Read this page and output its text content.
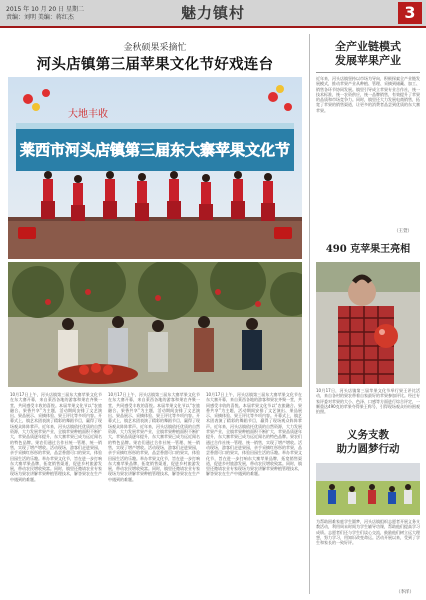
2015 年 10 月 20 日 星期二
责编：刘明 美编：蒋红杰	魅力镇村	3
金秋硕果采摘忙
河头店镇第三届苹果文化节好戏连台
大地丰收
莱西市河头店镇第三届东大寨苹果文化节
10月17日上午，河头店镇第三届东大寨苹果文化节在东大寨开幕，来自莱西各地的游客和果农齐聚一堂，共同感受丰收的喜悦。本届苹果文化节以“农旅融合、果香共享”为主题，活动期间安排了文艺演出、果品展示、采摘体验、果王评比等多项内容。开幕式上，镇艺术团表演了精彩的舞蹈节目，赢得了现场观众阵阵掌声。近年来，河头店镇依托优质的自然资源，大力发展苹果产业，全镇苹果种植面积不断扩大，苹果品质逐年提升，东大寨苹果已成为远近闻名的特色品牌。果农们通过合作社统一管理、统一销售，实现了增产增收。活动现场，游客们走进果园，亲手采摘红彤彤的苹果，品尝香甜可口的果实，体验田园生活的乐趣。举办苹果文化节，旨在进一步打响东大寨苹果品牌，拓宽销售渠道，促进乡村旅游发展，带动农民增收致富。同时，镇里还邀请农业专家现场为果农讲解苹果种植管理技术，解答果农在生产中遇到的难题。
10月17日上午，河头店镇第三届东大寨苹果文化节在东大寨开幕，来自莱西各地的游客和果农齐聚一堂，共同感受丰收的喜悦。本届苹果文化节以“农旅融合、果香共享”为主题，活动期间安排了文艺演出、果品展示、采摘体验、果王评比等多项内容。开幕式上，镇艺术团表演了精彩的舞蹈节目，赢得了现场观众阵阵掌声。近年来，河头店镇依托优质的自然资源，大力发展苹果产业，全镇苹果种植面积不断扩大，苹果品质逐年提升，东大寨苹果已成为远近闻名的特色品牌。果农们通过合作社统一管理、统一销售，实现了增产增收。活动现场，游客们走进果园，亲手采摘红彤彤的苹果，品尝香甜可口的果实，体验田园生活的乐趣。举办苹果文化节，旨在进一步打响东大寨苹果品牌，拓宽销售渠道，促进乡村旅游发展，带动农民增收致富。同时，镇里还邀请农业专家现场为果农讲解苹果种植管理技术，解答果农在生产中遇到的难题。
10月17日上午，河头店镇第三届东大寨苹果文化节在东大寨开幕，来自莱西各地的游客和果农齐聚一堂，共同感受丰收的喜悦。本届苹果文化节以“农旅融合、果香共享”为主题，活动期间安排了文艺演出、果品展示、采摘体验、果王评比等多项内容。开幕式上，镇艺术团表演了精彩的舞蹈节目，赢得了现场观众阵阵掌声。近年来，河头店镇依托优质的自然资源，大力发展苹果产业，全镇苹果种植面积不断扩大，苹果品质逐年提升，东大寨苹果已成为远近闻名的特色品牌。果农们通过合作社统一管理、统一销售，实现了增产增收。活动现场，游客们走进果园，亲手采摘红彤彤的苹果，品尝香甜可口的果实，体验田园生活的乐趣。举办苹果文化节，旨在进一步打响东大寨苹果品牌，拓宽销售渠道，促进乡村旅游发展，带动农民增收致富。同时，镇里还邀请农业专家现场为果农讲解苹果种植管理技术，解答果农在生产中遇到的难题。
全产业链模式
发展苹果产业
近年来，河头店镇坚持以市场为导向，积极探索全产业链发展模式，推动苹果产业从种植、管理、采摘到储藏、加工、销售各环节协同发展。镇里引导成立苹果专业合作社，统一技术标准，统一农资供应，统一品牌销售，有效提升了苹果的品质和市场竞争力。同时，镇里还大力发展电商销售，拓宽了苹果的销售渠道，让更多的消费者品尝到优质的东大寨苹果。
（王萱）
490 克苹果王亮相
10月17日，河头店镇第三届苹果文化节举行果王评比活动，来自各村的果农带着自家最好的苹果参加评比。经过专家评委对苹果的大小、色泽、口感等方面进行综合评定，一颗重达490克的苹果夺得果王称号，引得现场观众纷纷围观拍照。
义务支教
助力圆梦行动
为帮助困难家庭学生圆梦，河头店镇组织志愿者开展义务支教活动，利用周末时间为学生辅导功课，帮助他们提高学习成绩。志愿者们还与学生们谈心交流，鼓励他们树立远大理想，努力学习，用知识改变命运。活动开展以来，受到了学生和家长的一致好评。
（李洋）
